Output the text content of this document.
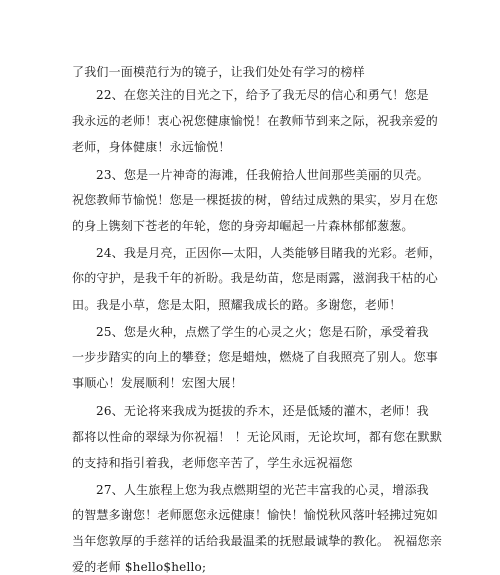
了我们一面模范行为的镜子，让我们处处有学习的榜样
22、在您关注的目光之下，给予了我无尽的信心和勇气！您是
我永远的老师！衷心祝您健康愉悦！在教师节到来之际，祝我亲爱的
老师，身体健康！永远愉悦！
23、您是一片神奇的海滩，任我俯拾人世间那些美丽的贝壳。
祝您教师节愉悦！您是一棵挺拔的树，曾结过成熟的果实，岁月在您
的身上镌刻下苍老的年轮，您的身旁却崛起一片森林郁郁葱葱。
24、我是月亮，正因你—太阳，人类能够目睹我的光彩。老师，
你的守护，是我千年的祈盼。我是幼苗，您是雨露，滋润我干枯的心
田。我是小草，您是太阳，照耀我成长的路。多谢您，老师！
25、您是火种，点燃了学生的心灵之火；您是石阶，承受着我
一步步踏实的向上的攀登；您是蜡烛，燃烧了自我照亮了别人。您事
事顺心！发展顺利！宏图大展！
26、无论将来我成为挺拔的乔木，还是低矮的灌木，老师！我
都将以性命的翠绿为你祝福！ ！无论风雨，无论坎坷，都有您在默默
的支持和指引着我，老师您辛苦了，学生永远祝福您
27、人生旅程上您为我点燃期望的光芒丰富我的心灵，增添我
的智慧多谢您！老师愿您永远健康！愉快！愉悦秋风落叶轻拂过宛如
当年您敦厚的手慈祥的话给我最温柔的抚慰最诚挚的教化。 祝福您亲
爱的老师 $hello$hello;
